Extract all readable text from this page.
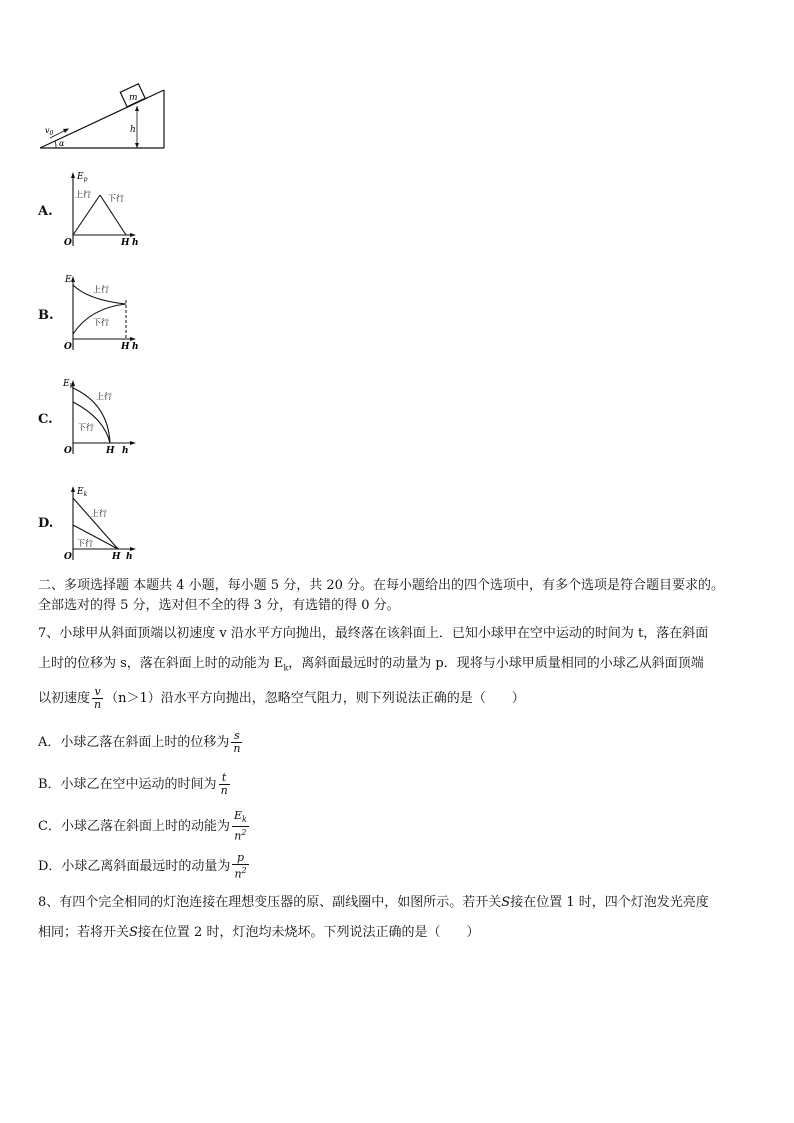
m
h
$v_0$
α
A.
$E_p$
上行 下行
O	H h
B.
E
上行
下行
O	H h
C.
$E_k$
上行
下行
O	H h
D.
$E_k$
上行
下行
O	H h
二、多项选择题 本题共 4 小题，每小题 5 分，共 20 分。在每小题给出的四个选项中，有多个选项是符合题目要求的。
全部选对的得 5 分，选对但不全的得 3 分，有选错的得 0 分。
7、小球甲从斜面顶端以初速度 v 沿水平方向抛出，最终落在该斜面上．已知小球甲在空中运动的时间为 t，落在斜面
上时的位移为 s，落在斜面上时的动能为 $E_k$，离斜面最远时的动量为 p．现将与小球甲质量相同的小球乙从斜面顶端
以初速度 $\frac{v}{n} (n>1)$沿水平方向抛出，忽略空气阻力，则下列说法正确的是（　　）
A．小球乙落在斜面上时的位移为 $\frac{s}{n}$
B．小球乙在空中运动的时间为 $\frac{t}{n}$
C．小球乙落在斜面上时的动能为 $\frac{E_k}{n^2}$
D．小球乙离斜面最远时的动量为 $\frac{p}{n^2}$
8、有四个完全相同的灯泡连接在理想变压器的原、副线圈中，如图所示。若开关S接在位置 1 时，四个灯泡发光亮度
相同；若将开关S接在位置 2 时，灯泡均未烧坏。下列说法正确的是（　　）
